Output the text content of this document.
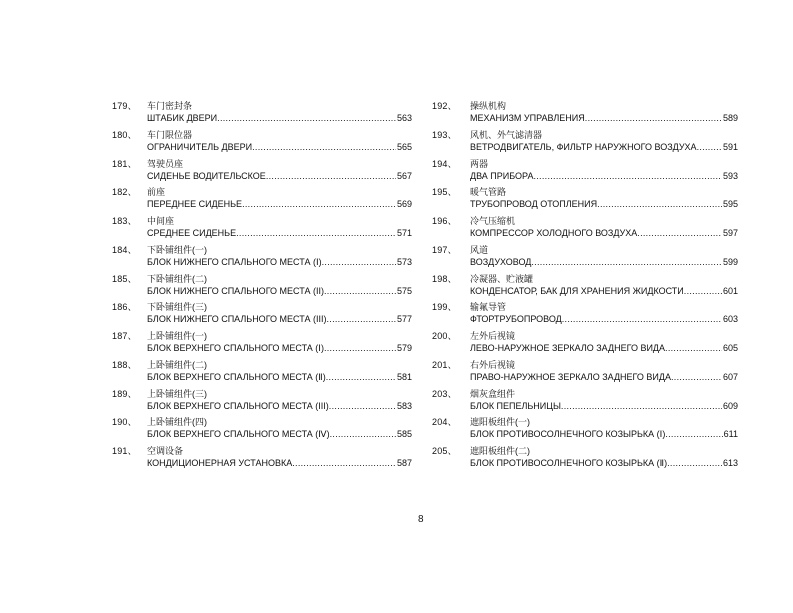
179、 车门密封条
ШТАБИК ДВЕРИ .....	563
180、 车门限位器
ОГРАНИЧИТЕЛЬ ДВЕРИ .....	565
181、 驾驶员座
СИДЕНЬЕ ВОДИТЕЛЬСКОЕ .....	567
182、 前座
ПЕРЕДНЕЕ СИДЕНЬЕ .....	569
183、 中间座
СРЕДНЕЕ СИДЕНЬЕ .....	571
184、 下卧铺组件(一)
БЛОК НИЖНЕГО СПАЛЬНОГО МЕСТА (Ⅰ) .....	573
185、 下卧铺组件(二)
БЛОК НИЖНЕГО СПАЛЬНОГО МЕСТА (II) .....	575
186、 下卧铺组件(三)
БЛОК НИЖНЕГО СПАЛЬНОГО МЕСТА (III) .....	577
187、 上卧铺组件(一)
БЛОК ВЕРХНЕГО СПАЛЬНОГО МЕСТА (Ⅰ) .....	579
188、 上卧铺组件(二)
БЛОК ВЕРХНЕГО СПАЛЬНОГО МЕСТА (Ⅱ) .....	581
189、 上卧铺组件(三)
БЛОК ВЕРХНЕГО СПАЛЬНОГО МЕСТА (III) .....	583
190、 上卧铺组件(四)
БЛОК ВЕРХНЕГО СПАЛЬНОГО МЕСТА (Ⅳ) .....	585
191、 空调设备
КОНДИЦИОНЕРНАЯ УСТАНОВКА .....	587
192、 操纵机构
МЕХАНИЗМ УПРАВЛЕНИЯ .....	589
193、 风机、外气滤清器
ВЕТРОДВИГАТЕЛЬ, ФИЛЬТР НАРУЖНОГО ВОЗДУХА .....	591
194、 两器
ДВА ПРИБОРА .....	593
195、 暖气管路
ТРУБОПРОВОД ОТОПЛЕНИЯ .....	595
196、 冷气压缩机
КОМПРЕССОР ХОЛОДНОГО ВОЗДУХА .....	597
197、 风道
ВОЗДУХОВОД .....	599
198、 冷凝器、贮液罐
КОНДЕНСАТОР, БАК ДЛЯ ХРАНЕНИЯ ЖИДКОСТИ .....	601
199、 输氟导管
ФТОРТРУБОПРОВОД .....	603
200、 左外后视镜
ЛЕВО-НАРУЖНОЕ ЗЕРКАЛО ЗАДНЕГО ВИДА .....	605
201、 右外后视镜
ПРАВО-НАРУЖНОЕ ЗЕРКАЛО ЗАДНЕГО ВИДА .....	607
203、 烟灰盒组件
БЛОК ПЕПЕЛЬНИЦЫ .....	609
204、 遮阳板组件(一)
БЛОК ПРОТИВОСОЛНЕЧНОГО КОЗЫРЬКА (Ⅰ) .....	611
205、 遮阳板组件(二)
БЛОК ПРОТИВОСОЛНЕЧНОГО КОЗЫРЬКА (Ⅱ) .....	613
8
